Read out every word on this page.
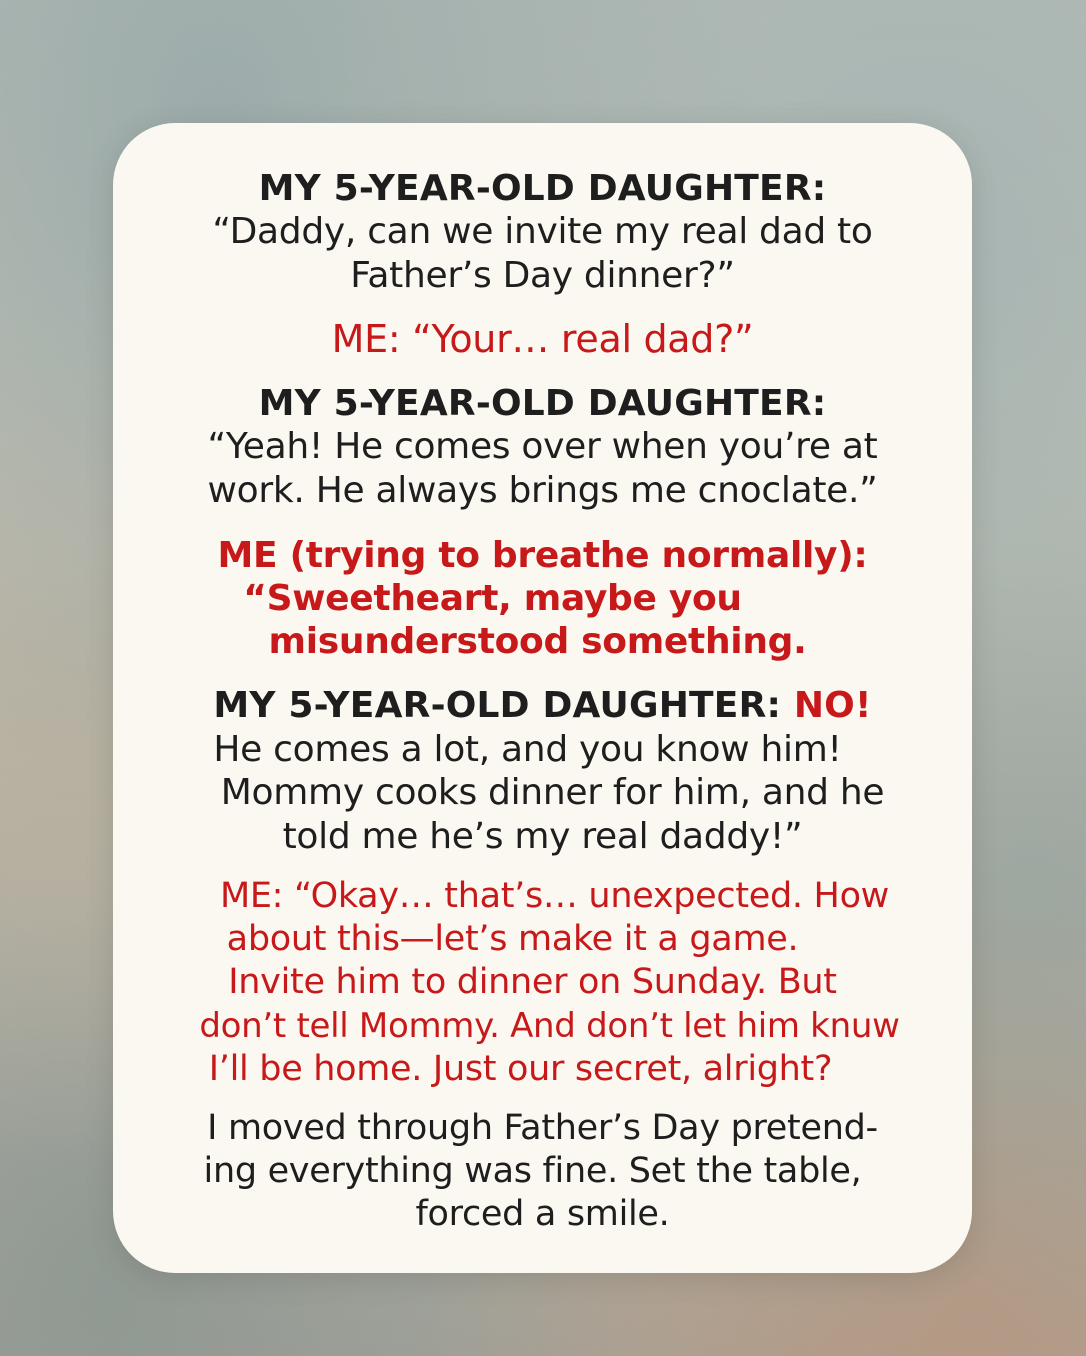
MY 5-YEAR-OLD DAUGHTER:
“Daddy, can we invite my real dad to
Father’s Day dinner?”
ME: “Your… real dad?”
MY 5-YEAR-OLD DAUGHTER:
“Yeah! He comes over when you’re at
work. He always brings me cnoclate.”
ME (trying to breathe normally):
“Sweetheart, maybe you
misunderstood something.
MY 5-YEAR-OLD DAUGHTER: NO!
He comes a lot, and you know him!
Mommy cooks dinner for him, and he
told me he’s my real daddy!”
ME: “Okay… that’s… unexpected. How
about this—let’s make it a game.
Invite him to dinner on Sunday. But
don’t tell Mommy. And don’t let him knuw
I’ll be home. Just our secret, alright?
I moved through Father’s Day pretend-
ing everything was fine. Set the table,
forced a smile.
